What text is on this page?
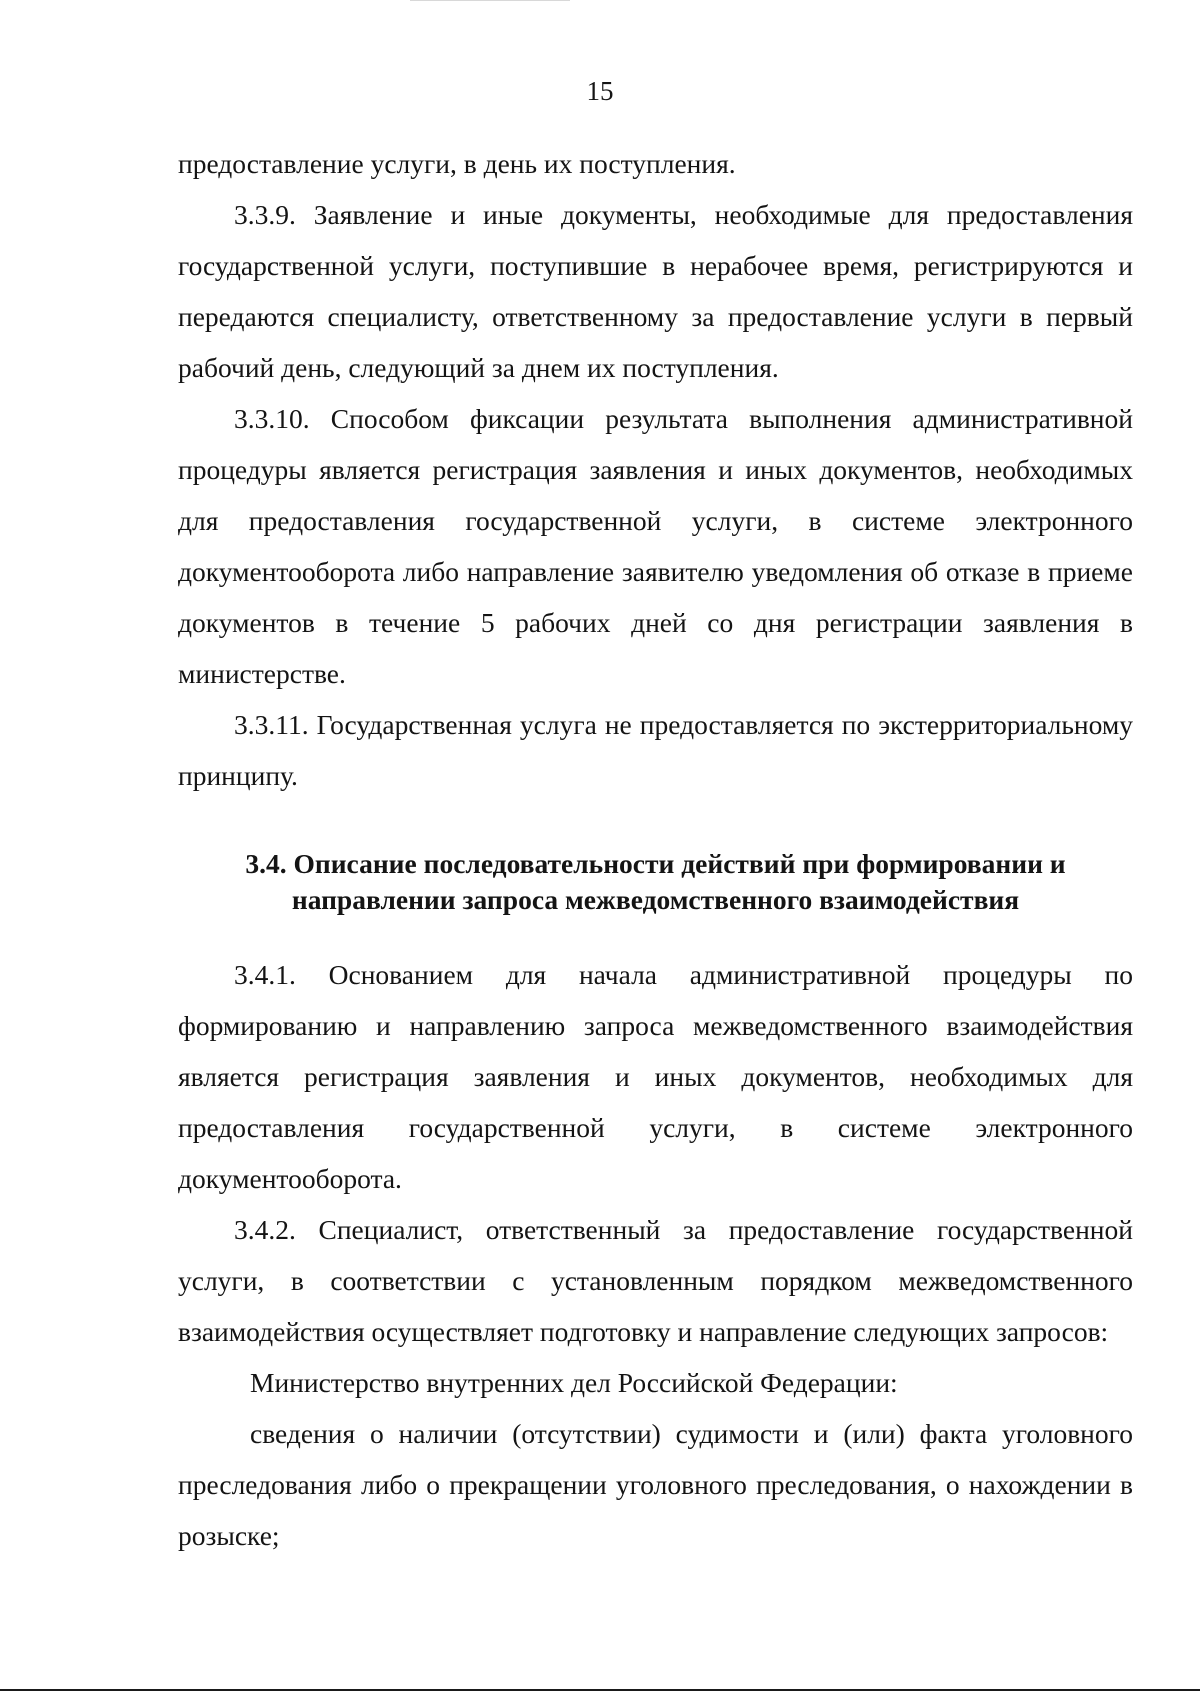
15

предоставление услуги, в день их поступления.

3.3.9. Заявление и иные документы, необходимые для предоставления государственной услуги, поступившие в нерабочее время, регистрируются и передаются специалисту, ответственному за предоставление услуги в первый рабочий день, следующий за днем их поступления.

3.3.10. Способом фиксации результата выполнения административной процедуры является регистрация заявления и иных документов, необходимых для предоставления государственной услуги, в системе электронного документооборота либо направление заявителю уведомления об отказе в приеме документов в течение 5 рабочих дней со дня регистрации заявления в министерстве.

3.3.11. Государственная услуга не предоставляется по экстерриториальному принципу.

3.4. Описание последовательности действий при формировании и
направлении запроса межведомственного взаимодействия

3.4.1. Основанием для начала административной процедуры по формированию и направлению запроса межведомственного взаимодействия является регистрация заявления и иных документов, необходимых для предоставления государственной услуги, в системе электронного документооборота.

3.4.2. Специалист, ответственный за предоставление государственной услуги, в соответствии с установленным порядком межведомственного взаимодействия осуществляет подготовку и направление следующих запросов:

Министерство внутренних дел Российской Федерации:

сведения о наличии (отсутствии) судимости и (или) факта уголовного преследования либо о прекращении уголовного преследования, о нахождении в розыске;
